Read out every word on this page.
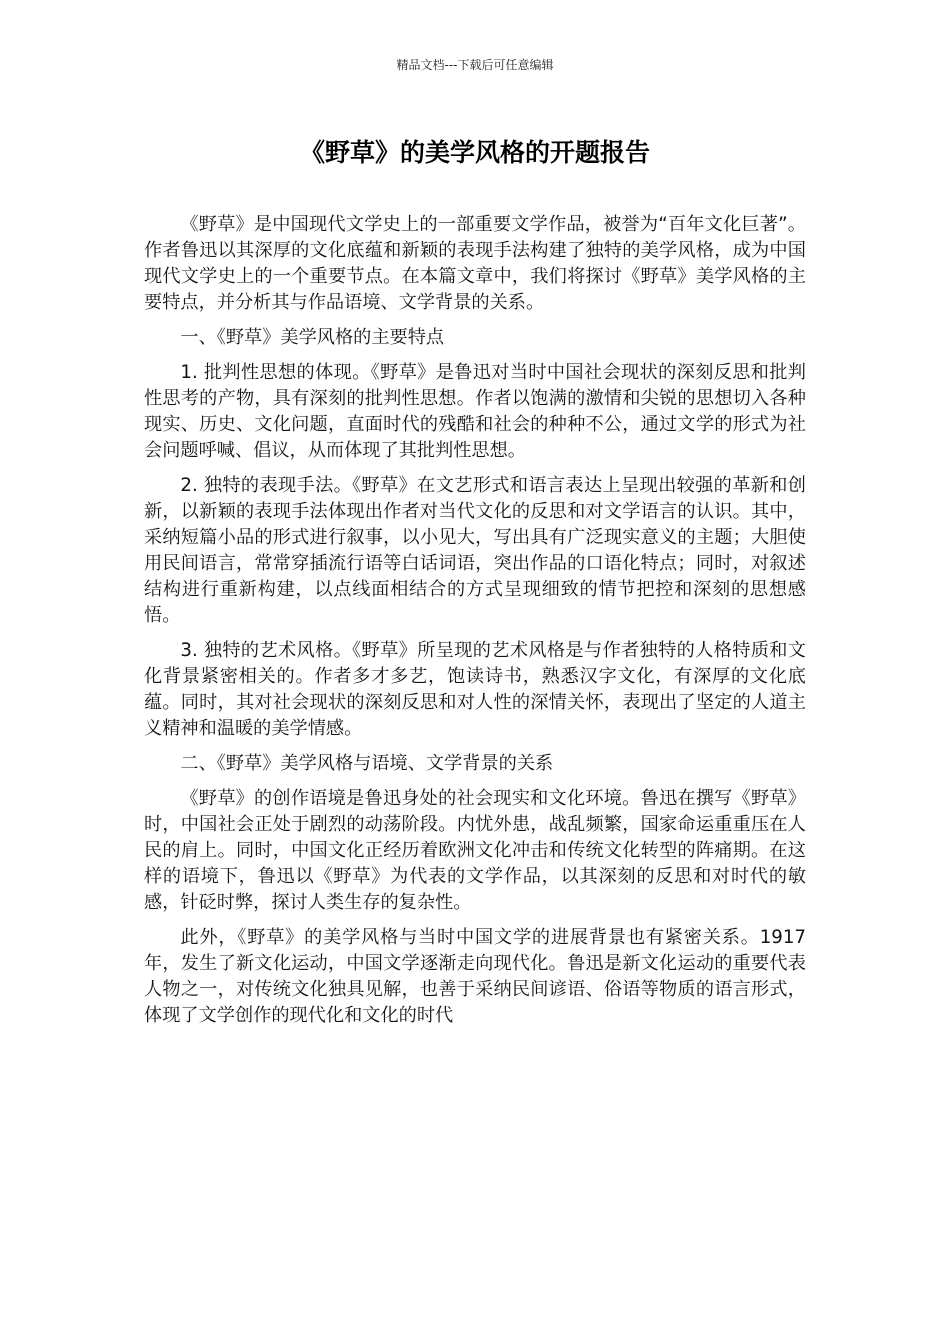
精品文档---下载后可任意编辑
《野草》的美学风格的开题报告

《野草》是中国现代文学史上的一部重要文学作品，被誉为“百年文化巨著”。作者鲁迅以其深厚的文化底蕴和新颖的表现手法构建了独特的美学风格，成为中国现代文学史上的一个重要节点。在本篇文章中，我们将探讨《野草》美学风格的主要特点，并分析其与作品语境、文学背景的关系。

一、《野草》美学风格的主要特点

1. 批判性思想的体现。《野草》是鲁迅对当时中国社会现状的深刻反思和批判性思考的产物，具有深刻的批判性思想。作者以饱满的激情和尖锐的思想切入各种现实、历史、文化问题，直面时代的残酷和社会的种种不公，通过文学的形式为社会问题呼喊、倡议，从而体现了其批判性思想。

2. 独特的表现手法。《野草》在文艺形式和语言表达上呈现出较强的革新和创新，以新颖的表现手法体现出作者对当代文化的反思和对文学语言的认识。其中，采纳短篇小品的形式进行叙事，以小见大，写出具有广泛现实意义的主题；大胆使用民间语言，常常穿插流行语等白话词语，突出作品的口语化特点；同时，对叙述结构进行重新构建，以点线面相结合的方式呈现细致的情节把控和深刻的思想感悟。

3. 独特的艺术风格。《野草》所呈现的艺术风格是与作者独特的人格特质和文化背景紧密相关的。作者多才多艺，饱读诗书，熟悉汉字文化，有深厚的文化底蕴。同时，其对社会现状的深刻反思和对人性的深情关怀，表现出了坚定的人道主义精神和温暖的美学情感。

二、《野草》美学风格与语境、文学背景的关系

《野草》的创作语境是鲁迅身处的社会现实和文化环境。鲁迅在撰写《野草》时，中国社会正处于剧烈的动荡阶段。内忧外患，战乱频繁，国家命运重重压在人民的肩上。同时，中国文化正经历着欧洲文化冲击和传统文化转型的阵痛期。在这样的语境下，鲁迅以《野草》为代表的文学作品，以其深刻的反思和对时代的敏感，针砭时弊，探讨人类生存的复杂性。

此外，《野草》的美学风格与当时中国文学的进展背景也有紧密关系。1917年，发生了新文化运动，中国文学逐渐走向现代化。鲁迅是新文化运动的重要代表人物之一，对传统文化独具见解，也善于采纳民间谚语、俗语等物质的语言形式，体现了文学创作的现代化和文化的时代
